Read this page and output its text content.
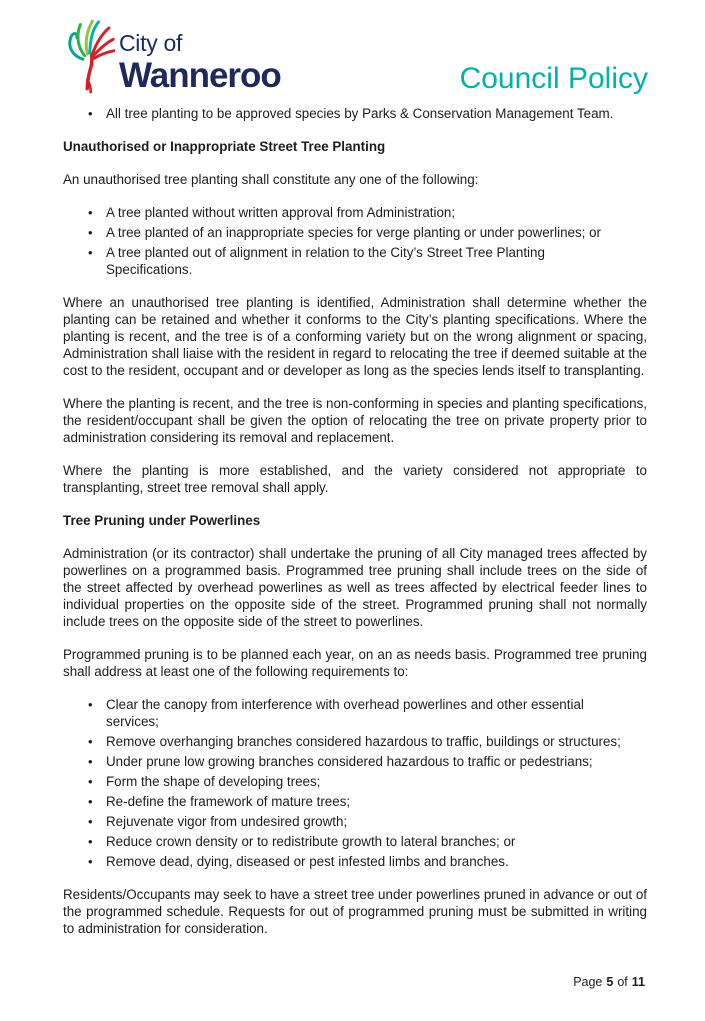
City of
Wanneroo	Council Policy
•	All tree planting to be approved species by Parks & Conservation Management Team.
Unauthorised or Inappropriate Street Tree Planting

An unauthorised tree planting shall constitute any one of the following:

•	A tree planted without written approval from Administration;
•	A tree planted of an inappropriate species for verge planting or under powerlines; or
•	A tree planted out of alignment in relation to the City’s Street Tree Planting Specifications.

Where an unauthorised tree planting is identified, Administration shall determine whether the planting can be retained and whether it conforms to the City’s planting specifications. Where the planting is recent, and the tree is of a conforming variety but on the wrong alignment or spacing, Administration shall liaise with the resident in regard to relocating the tree if deemed suitable at the cost to the resident, occupant and or developer as long as the species lends itself to transplanting.

Where the planting is recent, and the tree is non-conforming in species and planting specifications, the resident/occupant shall be given the option of relocating the tree on private property prior to administration considering its removal and replacement.

Where the planting is more established, and the variety considered not appropriate to transplanting, street tree removal shall apply.

Tree Pruning under Powerlines

Administration (or its contractor) shall undertake the pruning of all City managed trees affected by powerlines on a programmed basis. Programmed tree pruning shall include trees on the side of the street affected by overhead powerlines as well as trees affected by electrical feeder lines to individual properties on the opposite side of the street. Programmed pruning shall not normally include trees on the opposite side of the street to powerlines.

Programmed pruning is to be planned each year, on an as needs basis. Programmed tree pruning shall address at least one of the following requirements to:

•	Clear the canopy from interference with overhead powerlines and other essential services;
•	Remove overhanging branches considered hazardous to traffic, buildings or structures;
•	Under prune low growing branches considered hazardous to traffic or pedestrians;
•	Form the shape of developing trees;
•	Re-define the framework of mature trees;
•	Rejuvenate vigor from undesired growth;
•	Reduce crown density or to redistribute growth to lateral branches; or
•	Remove dead, dying, diseased or pest infested limbs and branches.

Residents/Occupants may seek to have a street tree under powerlines pruned in advance or out of the programmed schedule. Requests for out of programmed pruning must be submitted in writing to administration for consideration.

Page 5 of 11
